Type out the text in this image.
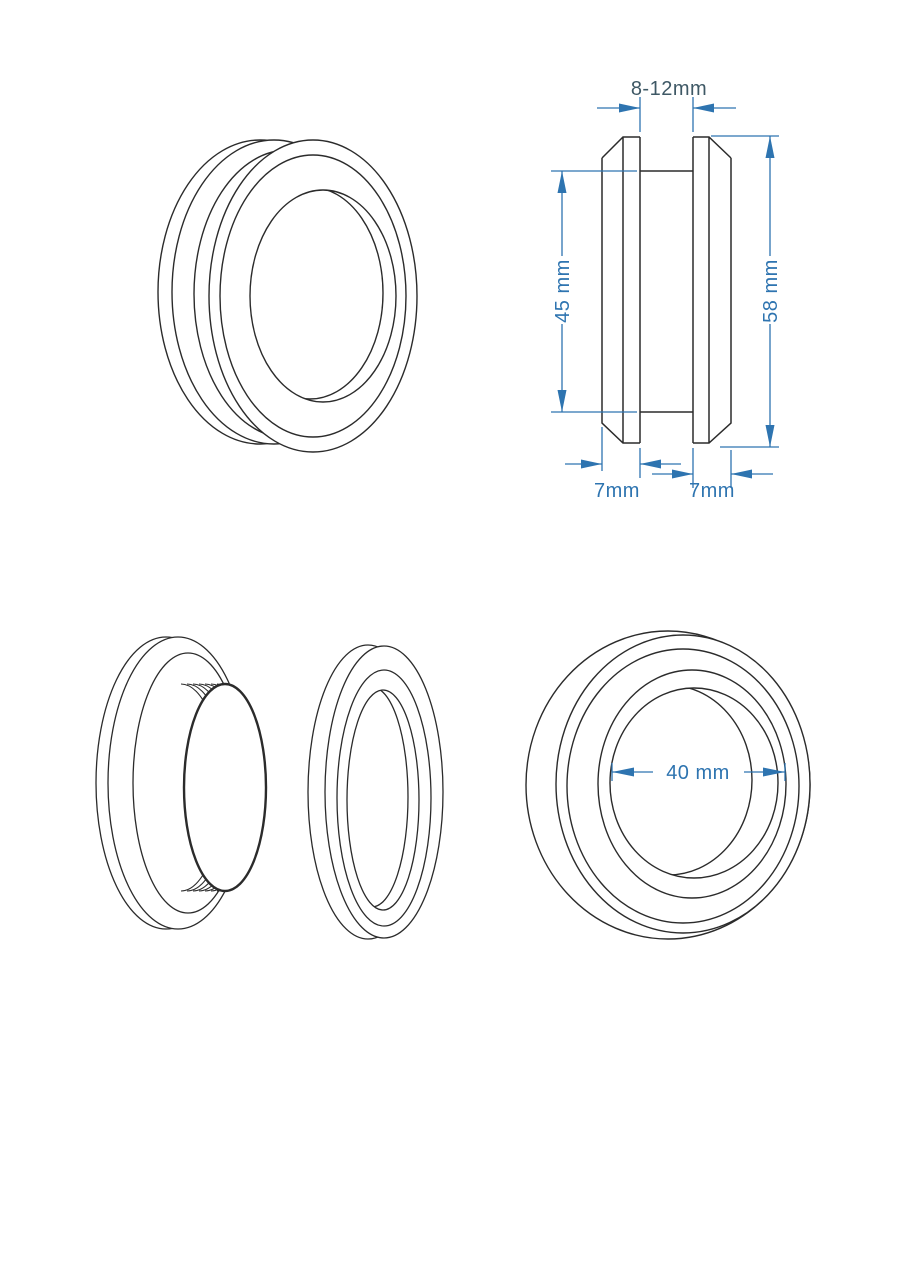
8-12mm
45 mm	58 mm
7mm 7mm
40 mm
